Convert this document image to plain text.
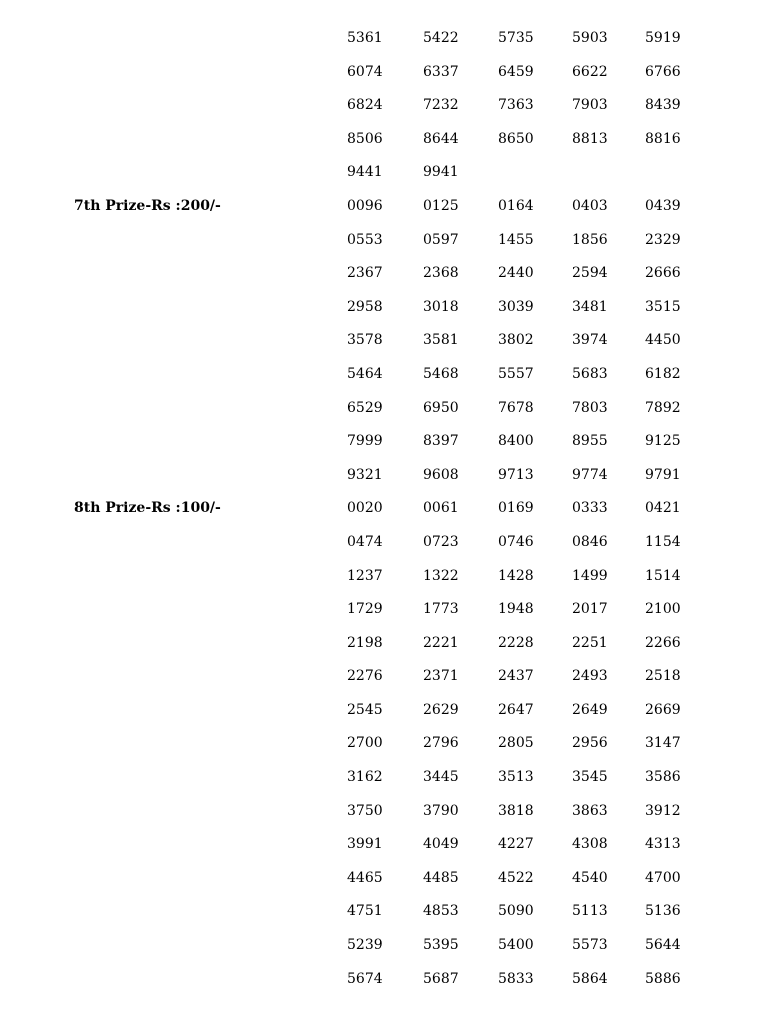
5361	5422	5735	5903	5919
6074	6337	6459	6622	6766
6824	7232	7363	7903	8439
8506	8644	8650	8813	8816
9441	9941
7th Prize-Rs :200/-	0096	0125	0164	0403	0439
0553	0597	1455	1856	2329
2367	2368	2440	2594	2666
2958	3018	3039	3481	3515
3578	3581	3802	3974	4450
5464	5468	5557	5683	6182
6529	6950	7678	7803	7892
7999	8397	8400	8955	9125
9321	9608	9713	9774	9791
8th Prize-Rs :100/-	0020	0061	0169	0333	0421
0474	0723	0746	0846	1154
1237	1322	1428	1499	1514
1729	1773	1948	2017	2100
2198	2221	2228	2251	2266
2276	2371	2437	2493	2518
2545	2629	2647	2649	2669
2700	2796	2805	2956	3147
3162	3445	3513	3545	3586
3750	3790	3818	3863	3912
3991	4049	4227	4308	4313
4465	4485	4522	4540	4700
4751	4853	5090	5113	5136
5239	5395	5400	5573	5644
5674	5687	5833	5864	5886
